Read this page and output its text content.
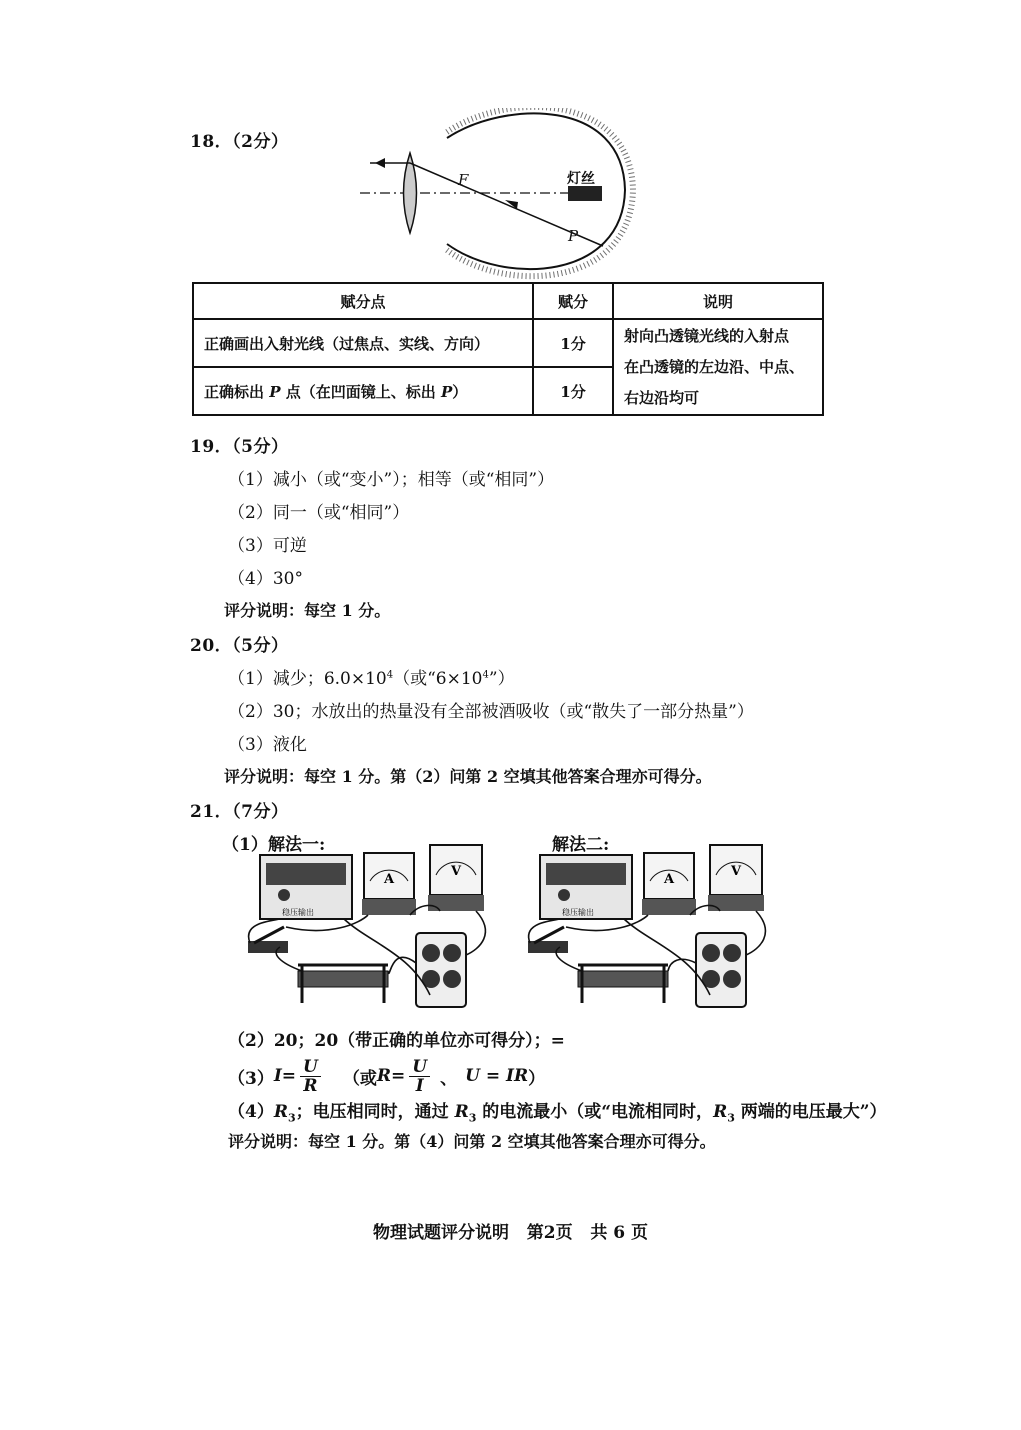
18．（2分）
灯丝
F
P
赋分点	赋分	说明
正确画出入射光线（过焦点、实线、方向）	1分	射向凸透镜光线的入射点
在凸透镜的左边沿、中点、
右边沿均可

正确标出 P 点（在凹面镜上、标出 P）	1分	
19．（5分）
（1）减小（或“变小”）；相等（或“相同”）
（2）同一（或“相同”）
（3）可逆
（4）30°
评分说明：每空 1 分。
20．（5分）
（1）减少；$6.0\times 10^4$（或“$6\times 10^4$”）
（2）30；水放出的热量没有全部被酒吸收（或“散失了一部分热量”）
（3）液化
评分说明：每空 1 分。第（2）问第 2 空填其他答案合理亦可得分。
21．（7分）
（1） 解法一:	解法二:
稳压输出
A
V
稳压输出
A
V
（2）20；20（带正确的单位亦可得分）；=
（3） $I = \frac{U}{R}$ （或 $R = \frac{U}{I}$ 、 U = IR ）
$(4)R_3$；电压相同时，通过 $R_3$ 的电流最小（或“电流相同时，$R_3$ 两端的电压最大”）
评分说明：每空 1 分。第（4）问第 2 空填其他答案合理亦可得分。
物理试题评分说明   第2页   共 6 页
